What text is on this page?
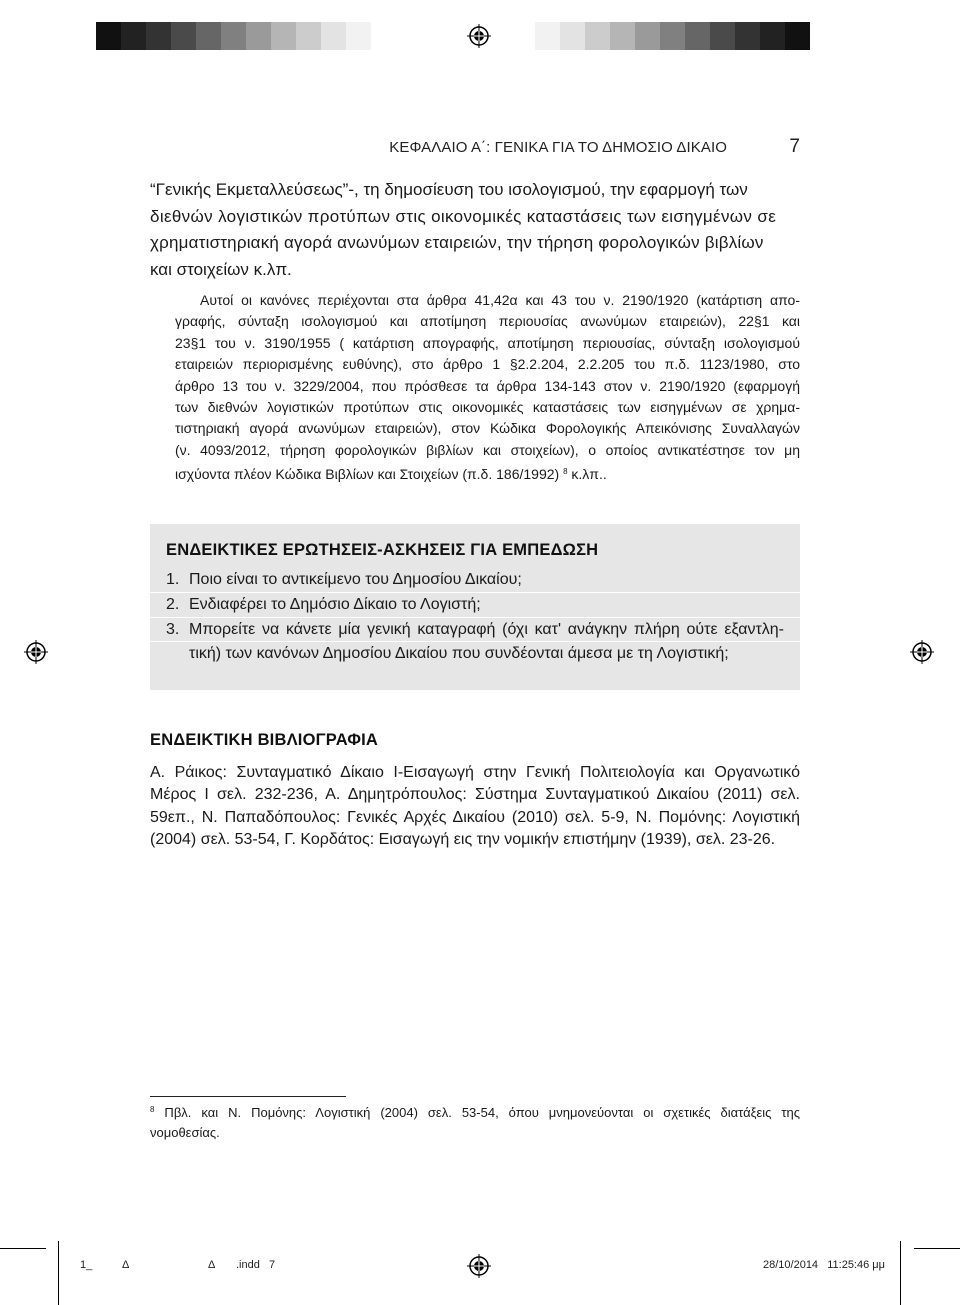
ΚΕΦΑΛΑΙΟ Α΄: ΓΕΝΙΚΑ ΓΙΑ ΤΟ ΔΗΜΟΣΙΟ ΔΙΚΑΙΟ	7
“Γενικής Εκμεταλλεύσεως”-, τη δημοσίευση του ισολογισμού, την εφαρμογή των
διεθνών λογιστικών προτύπων στις οικονομικές καταστάσεις των εισηγμένων σε
χρηματιστηριακή αγορά ανωνύμων εταιρειών, την τήρηση φορολογικών βιβλίων
και στοιχείων κ.λπ.
Αυτοί οι κανόνες περιέχονται στα άρθρα 41,42α και 43 του ν. 2190/1920 (κατάρτιση απο-
γραφής, σύνταξη ισολογισμού και αποτίμηση περιουσίας ανωνύμων εταιρειών), 22§1 και
23§1 του ν. 3190/1955 ( κατάρτιση απογραφής, αποτίμηση περιουσίας, σύνταξη ισολογισμού
εταιρειών περιορισμένης ευθύνης), στο άρθρο 1 §2.2.204, 2.2.205 του π.δ. 1123/1980, στο
άρθρο 13 του ν. 3229/2004, που πρόσθεσε τα άρθρα 134-143 στον ν. 2190/1920 (εφαρμογή
των διεθνών λογιστικών προτύπων στις οικονομικές καταστάσεις των εισηγμένων σε χρημα-
τιστηριακή αγορά ανωνύμων εταιρειών), στον Κώδικα Φορολογικής Απεικόνισης Συναλλαγών
(ν. 4093/2012, τήρηση φορολογικών βιβλίων και στοιχείων), ο οποίος αντικατέστησε τον μη
ισχύοντα πλέον Κώδικα Βιβλίων και Στοιχείων (π.δ. 186/1992) $^8$ κ.λπ..
ΕΝΔΕΙΚΤΙΚΕΣ ΕΡΩΤΗΣΕΙΣ-ΑΣΚΗΣΕΙΣ ΓΙΑ ΕΜΠΕΔΩΣΗ
1. Ποιο είναι το αντικείμενο του Δημοσίου Δικαίου;
2. Ενδιαφέρει το Δημόσιο Δίκαιο το Λογιστή;
3. Μπορείτε να κάνετε μία γενική καταγραφή (όχι κατ' ανάγκην πλήρη ούτε εξαντλη-
τική) των κανόνων Δημοσίου Δικαίου που συνδέονται άμεσα με τη Λογιστική;
ΕΝΔΕΙΚΤΙΚΗ ΒΙΒΛΙΟΓΡΑΦΙΑ
Α. Ράικος: Συνταγματικό Δίκαιο Ι-Εισαγωγή στην Γενική Πολιτειολογία και Οργανωτικό
Μέρος Ι σελ. 232-236, Α. Δημητρόπουλος: Σύστημα Συνταγματικού Δικαίου (2011) σελ.
59επ., Ν. Παπαδόπουλος: Γενικές Αρχές Δικαίου (2010) σελ. 5-9, Ν. Πομόνης: Λογιστική
(2004) σελ. 53-54, Γ. Κορδάτος: Εισαγωγή εις την νομικήν επιστήμην (1939), σελ. 23-26.
$^8$ Πβλ. και Ν. Πομόνης: Λογιστική (2004) σελ. 53-54, όπου μνημονεύονται οι σχετικές διατάξεις της
νομοθεσίας.
1_	Δ	Δ .indd   7	28/10/2014   11:25:46 μμ
